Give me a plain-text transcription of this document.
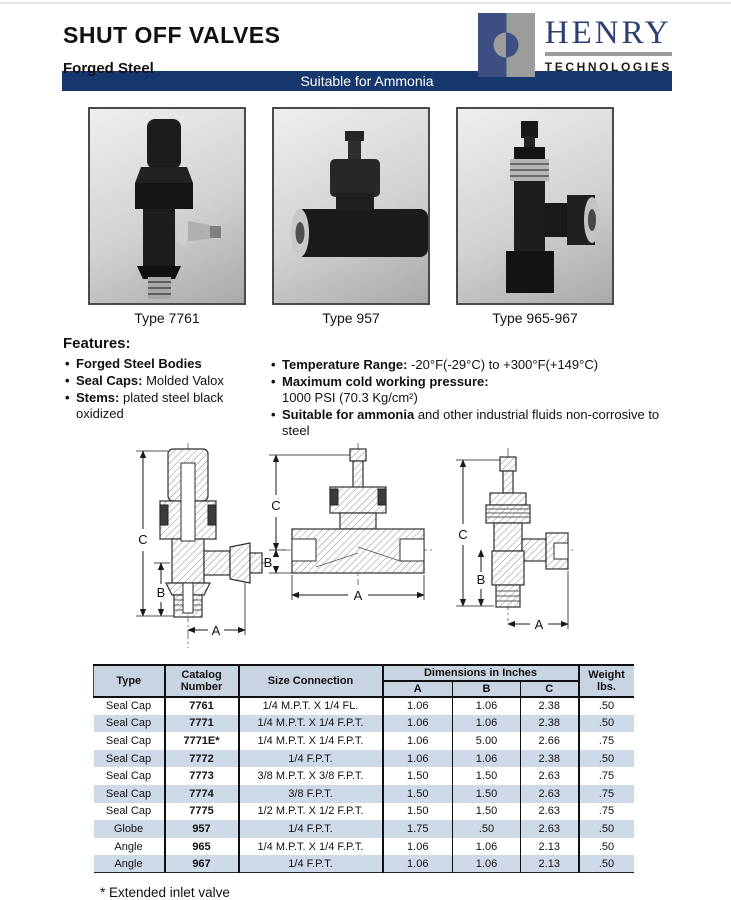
SHUT OFF VALVES
Forged Steel
HENRY
TECHNOLOGIES
Suitable for Ammonia
Type 7761	Type 957	Type 965-967
Features:
• Forged Steel Bodies
• Seal Caps: Molded Valox
• Stems: plated steel black oxidized
• Temperature Range: -20°F(-29°C) to +300°F(+149°C)
• Maximum cold working pressure:
1000 PSI (70.3 Kg/cm²)
• Suitable for ammonia and other industrial fluids non-corrosive to steel
C
B
A
C
B
A
C
B
A
Type	Catalog Number	Size Connection	Dimensions in Inches			Weight lbs.
			A	B	C	
Seal Cap	7761	1/4 M.P.T. X 1/4 FL.	1.06	1.06	2.38	.50
Seal Cap	7771	1/4 M.P.T. X 1/4 F.P.T.	1.06	1.06	2.38	.50
Seal Cap	7771E*	1/4 M.P.T. X 1/4 F.P.T.	1.06	5.00	2.66	.75
Seal Cap	7772	1/4 F.P.T.	1.06	1.06	2.38	.50
Seal Cap	7773	3/8 M.P.T. X 3/8 F.P.T.	1.50	1.50	2.63	.75
Seal Cap	7774	3/8 F.P.T.	1.50	1.50	2.63	.75
Seal Cap	7775	1/2 M.P.T. X 1/2 F.P.T.	1.50	1.50	2.63	.75
Globe	957	1/4 F.P.T.	1.75	.50	2.63	.50
Angle	965	1/4 M.P.T. X 1/4 F.P.T.	1.06	1.06	2.13	.50
Angle	967	1/4 F.P.T.	1.06	1.06	2.13	.50
* Extended inlet valve
